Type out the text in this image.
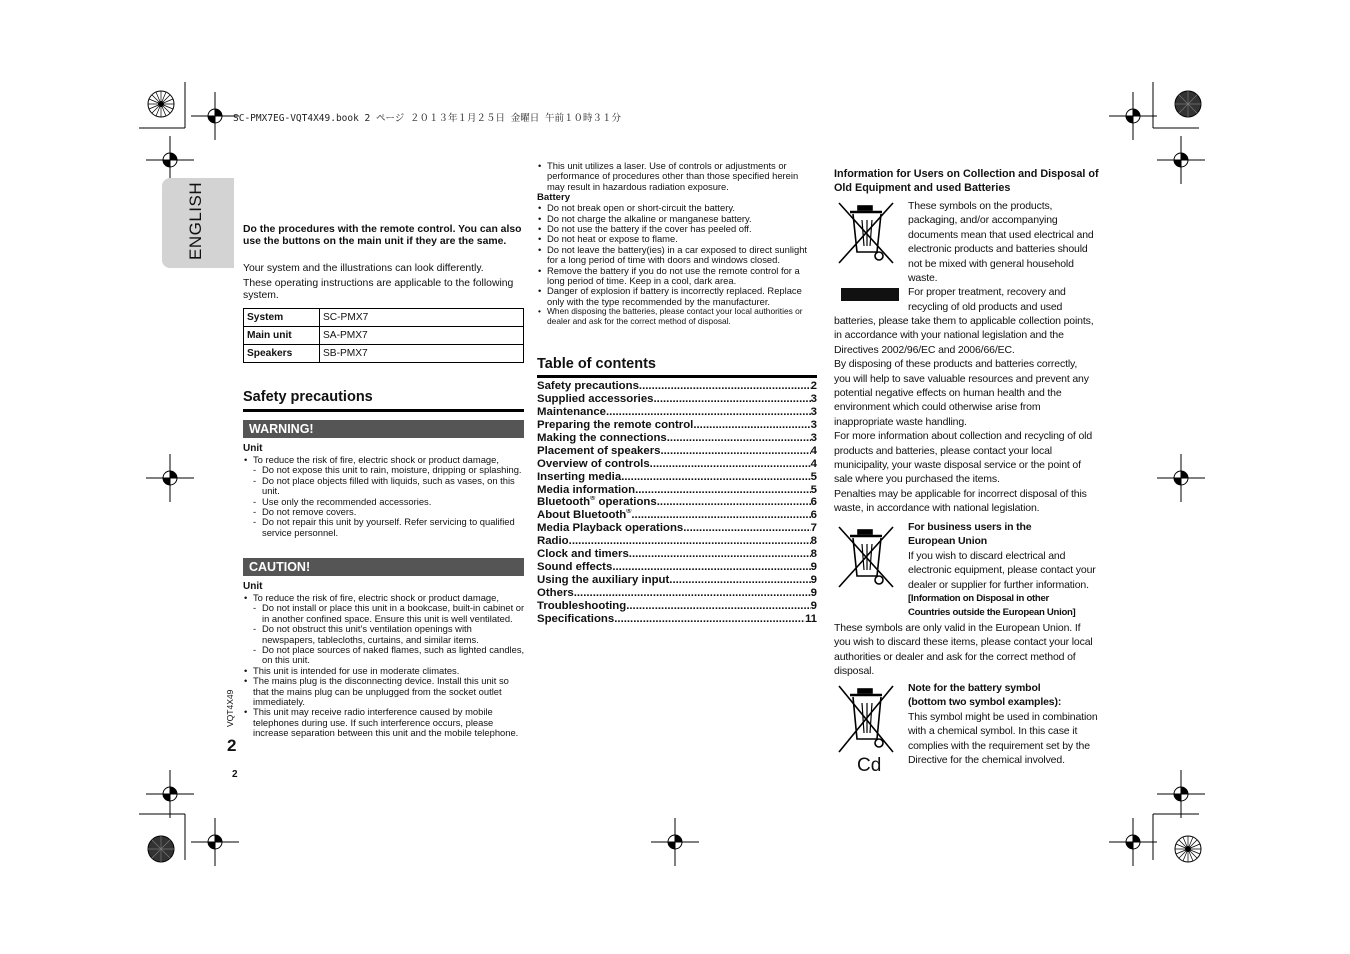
SC-PMX7EG-VQT4X49.book 2 ページ ２０１３年１月２５日 金曜日 午前１０時３１分
ENGLISH
VQT4X49
2
2
Do the procedures with the remote control. You can also use the buttons on the main unit if they are the same.
Your system and the illustrations can look differently.
These operating instructions are applicable to the following system.
System	SC-PMX7
Main unit	SA-PMX7
Speakers	SB-PMX7
Safety precautions
WARNING!
Unit
• To reduce the risk of fire, electric shock or product damage,
- Do not expose this unit to rain, moisture, dripping or splashing.
- Do not place objects filled with liquids, such as vases, on this unit.
- Use only the recommended accessories.
- Do not remove covers.
- Do not repair this unit by yourself. Refer servicing to qualified service personnel.
CAUTION!
Unit
• To reduce the risk of fire, electric shock or product damage,
- Do not install or place this unit in a bookcase, built-in cabinet or in another confined space. Ensure this unit is well ventilated.
- Do not obstruct this unit’s ventilation openings with newspapers, tablecloths, curtains, and similar items.
- Do not place sources of naked flames, such as lighted candles, on this unit.
• This unit is intended for use in moderate climates.
• The mains plug is the disconnecting device. Install this unit so that the mains plug can be unplugged from the socket outlet immediately.
• This unit may receive radio interference caused by mobile telephones during use. If such interference occurs, please increase separation between this unit and the mobile telephone.
• This unit utilizes a laser. Use of controls or adjustments or performance of procedures other than those specified herein may result in hazardous radiation exposure.
Battery
• Do not break open or short-circuit the battery.
• Do not charge the alkaline or manganese battery.
• Do not use the battery if the cover has peeled off.
• Do not heat or expose to flame.
• Do not leave the battery(ies) in a car exposed to direct sunlight for a long period of time with doors and windows closed.
• Remove the battery if you do not use the remote control for a long period of time. Keep in a cool, dark area.
• Danger of explosion if battery is incorrectly replaced. Replace only with the type recommended by the manufacturer.
• When disposing the batteries, please contact your local authorities or dealer and ask for the correct method of disposal.
Table of contents
Safety precautions .....	2
Supplied accessories .....	3
Maintenance .....	3
Preparing the remote control .....	3
Making the connections .....	3
Placement of speakers .....	4
Overview of controls .....	4
Inserting media .....	5
Media information .....	5
Bluetooth® operations .....	6
About Bluetooth® .....	6
Media Playback operations .....	7
Radio .....	8
Clock and timers .....	8
Sound effects .....	9
Using the auxiliary input .....	9
Others .....	9
Troubleshooting .....	9
Specifications .....	11
Information for Users on Collection and Disposal of Old Equipment and used Batteries
These symbols on the products,
packaging, and/or accompanying
documents mean that used electrical and
electronic products and batteries should
not be mixed with general household
waste.
For proper treatment, recovery and
recycling of old products and used
batteries, please take them to applicable collection points,
in accordance with your national legislation and the
Directives 2002/96/EC and 2006/66/EC.
By disposing of these products and batteries correctly,
you will help to save valuable resources and prevent any
potential negative effects on human health and the
environment which could otherwise arise from
inappropriate waste handling.
For more information about collection and recycling of old
products and batteries, please contact your local
municipality, your waste disposal service or the point of
sale where you purchased the items.
Penalties may be applicable for incorrect disposal of this
waste, in accordance with national legislation.
For business users in the
European Union
If you wish to discard electrical and
electronic equipment, please contact your
dealer or supplier for further information.
[Information on Disposal in other
Countries outside the European Union]
These symbols are only valid in the European Union. If
you wish to discard these items, please contact your local
authorities or dealer and ask for the correct method of
disposal.
Cd
Note for the battery symbol
(bottom two symbol examples):
This symbol might be used in combination
with a chemical symbol. In this case it
complies with the requirement set by the
Directive for the chemical involved.
